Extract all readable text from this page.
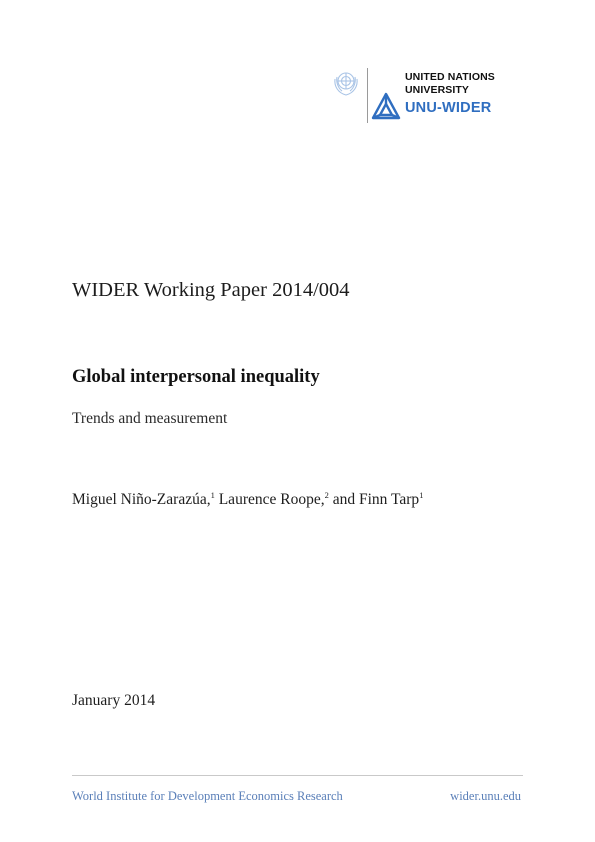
UNITED NATIONS
UNIVERSITY
UNU-WIDER
WIDER Working Paper 2014/004
Global interpersonal inequality
Trends and measurement
Miguel Niño-Zarazúa,$^1$ Laurence Roope,$^2$ and Finn Tarp$^1$
January 2014
World Institute for Development Economics Research	wider.unu.edu
